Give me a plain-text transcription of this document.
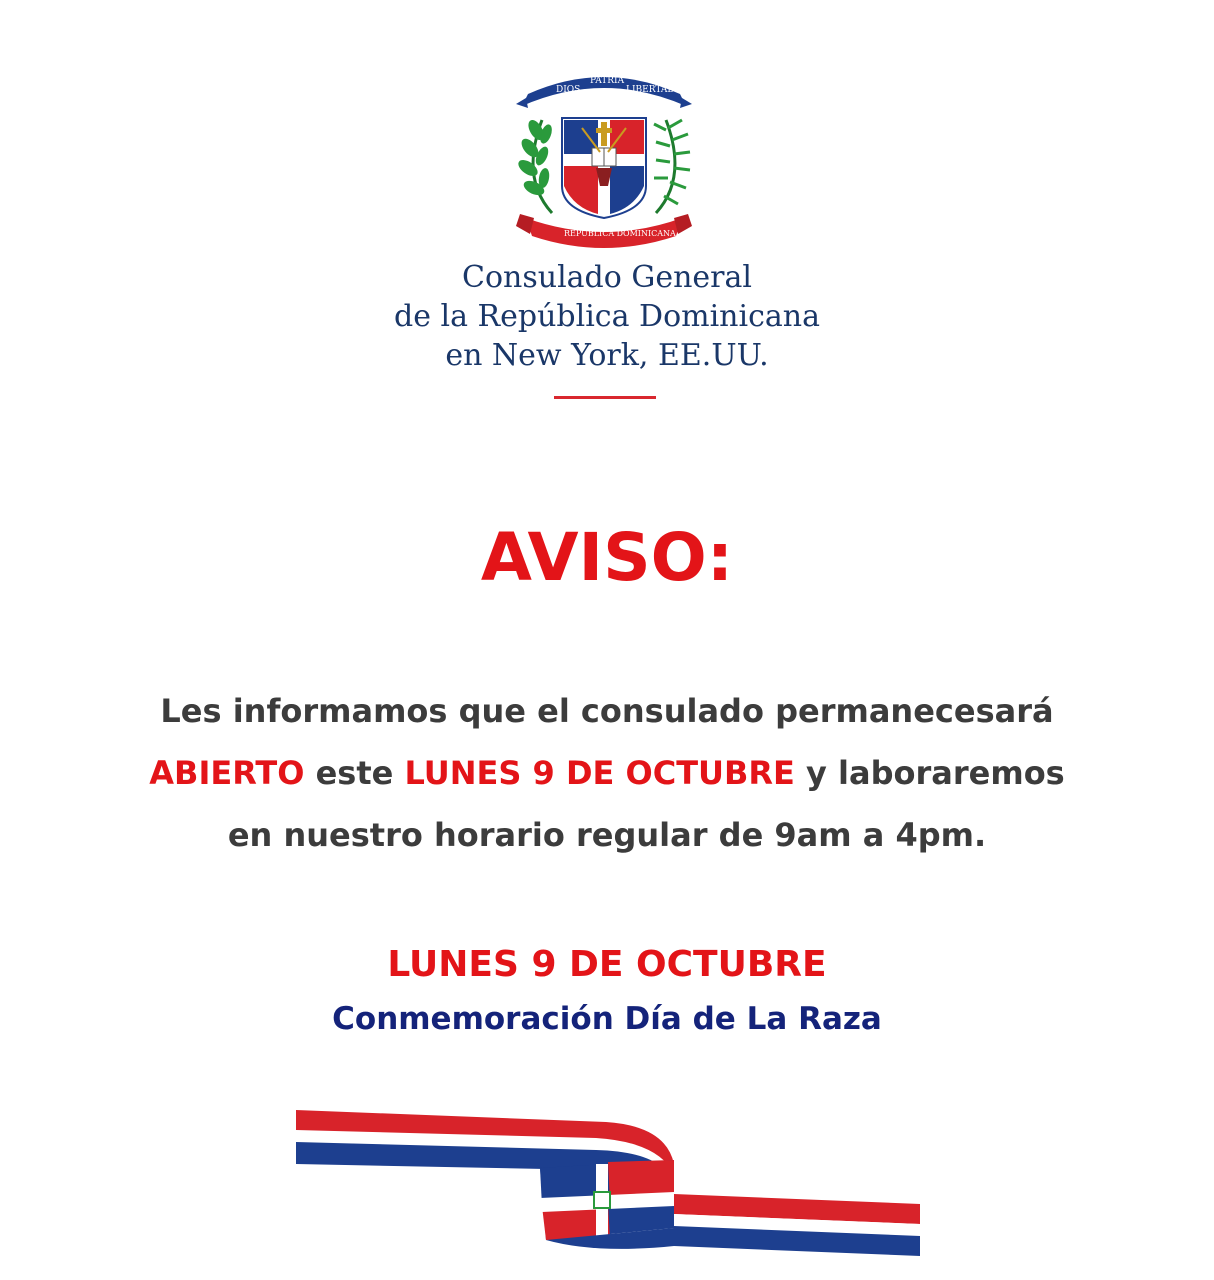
DIOS
PATRIA
LIBERTAD
REPUBLICA DOMINICANA
Consulado General
de la República Dominicana
en New York, EE.UU.
AVISO:
Les informamos que el consulado permanecesará
ABIERTO este LUNES 9 DE OCTUBRE y laboraremos
en nuestro horario regular de 9am a 4pm.
LUNES 9 DE OCTUBRE
Conmemoración Día de La Raza
